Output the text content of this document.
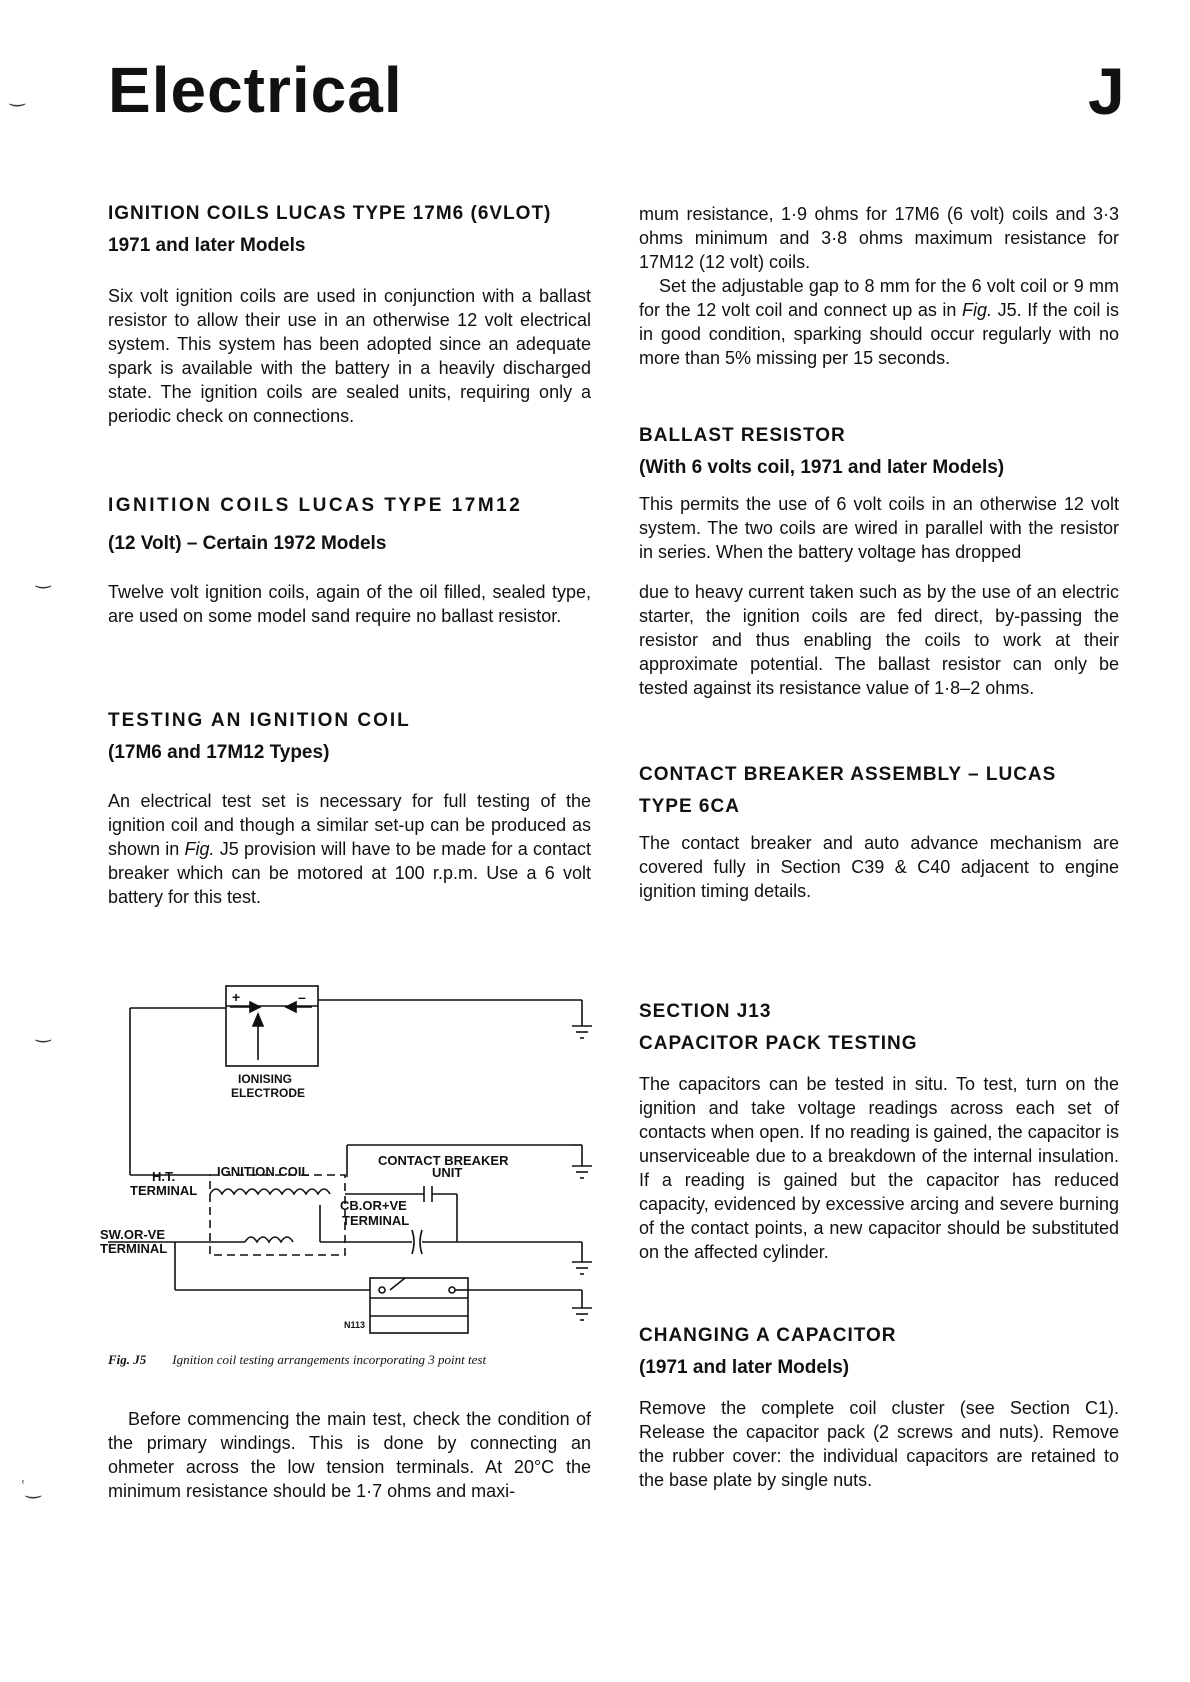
Electrical	J
‿
‿
‿
ʿ‿
IGNITION COILS LUCAS TYPE 17M6 (6VLOT)
1971 and later Models

Six volt ignition coils are used in conjunction with a ballast resistor to allow their use in an otherwise 12 volt electrical system. This system has been adopted since an adequate spark is available with the battery in a heavily discharged state. The ignition coils are sealed units, requiring only a periodic check on connections.

IGNITION COILS LUCAS TYPE 17M12
(12 Volt) – Certain 1972 Models

Twelve volt ignition coils, again of the oil filled, sealed type, are used on some model sand require no ballast resistor.

TESTING AN IGNITION COIL
(17M6 and 17M12 Types)

An electrical test set is necessary for full testing of the ignition coil and though a similar set-up can be produced as shown in Fig. J5 provision will have to be made for a contact breaker which can be motored at 100 r.p.m. Use a 6 volt battery for this test.

+	–
IONISING
ELECTRODE
CONTACT BREAKER
UNIT
H.T.
TERMINAL
IGNITION COIL
CB.OR+VE
TERMINAL
SW.OR-VE
TERMINAL
N113
Fig. J5 Ignition coil testing arrangements incorporating 3 point test

Before commencing the main test, check the condition of the primary windings. This is done by connecting an ohmeter across the low tension terminals. At 20°C the minimum resistance should be 1·7 ohms and maxi-

mum resistance, 1·9 ohms for 17M6 (6 volt) coils and 3·3 ohms minimum and 3·8 ohms maximum resistance for 17M12 (12 volt) coils.

Set the adjustable gap to 8 mm for the 6 volt coil or 9 mm for the 12 volt coil and connect up as in Fig. J5. If the coil is in good condition, sparking should occur regularly with no more than 5% missing per 15 seconds.

BALLAST RESISTOR
(With 6 volts coil, 1971 and later Models)

This permits the use of 6 volt coils in an otherwise 12 volt system. The two coils are wired in parallel with the resistor in series. When the battery voltage has dropped

due to heavy current taken such as by the use of an electric starter, the ignition coils are fed direct, by-passing the resistor and thus enabling the coils to work at their approximate potential. The ballast resistor can only be tested against its resistance value of 1·8–2 ohms.

CONTACT BREAKER ASSEMBLY – LUCAS
TYPE 6CA

The contact breaker and auto advance mechanism are covered fully in Section C39 & C40 adjacent to engine ignition timing details.

SECTION J13
CAPACITOR PACK TESTING

The capacitors can be tested in situ. To test, turn on the ignition and take voltage readings across each set of contacts when open. If no reading is gained, the capacitor is unserviceable due to a breakdown of the internal insulation. If a reading is gained but the capacitor has reduced capacity, evidenced by excessive arcing and severe burning of the contact points, a new capacitor should be substituted on the affected cylinder.

CHANGING A CAPACITOR
(1971 and later Models)

Remove the complete coil cluster (see Section C1). Release the capacitor pack (2 screws and nuts). Remove the rubber cover: the individual capacitors are retained to the base plate by single nuts.
